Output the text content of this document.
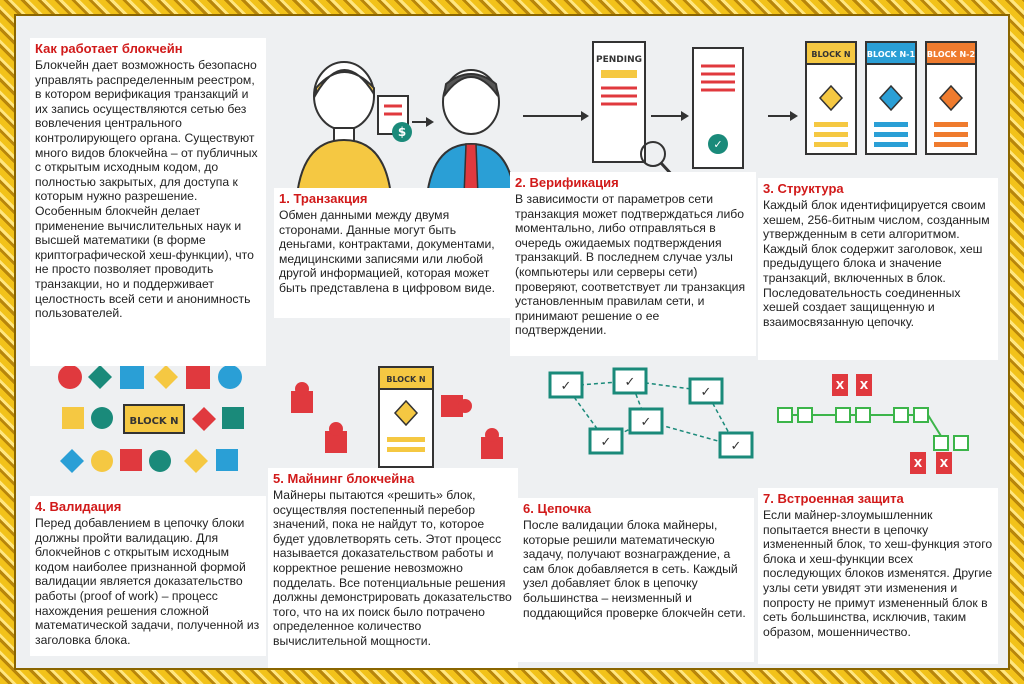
$
PENDING
✓
BLOCK N BLOCK N-1 BLOCK N-2
BLOCK N
BLOCK N	✓	✓
✓
✓
✓	✓
X X
X X
Как работает блокчейн

Блокчейн дает возможность безопасно управлять распределенным реестром, в котором верификация транзакций и их запись осуществляются сетью без вовлечения центрального контролирующего органа. Существуют много видов блокчейна – от публичных с открытым исходным кодом, до полностью закрытых, для доступа к которым нужно разрешение. Особенным блокчейн делает применение вычислительных наук и высшей математики (в форме криптографической хеш-функции), что не просто позволяет проводить транзакции, но и поддерживает целостность всей сети и анонимность пользователей.

1. Транзакция

Обмен данными между двумя сторонами. Данные могут быть деньгами, контрактами, документами, медицинскими записями или любой другой информацией, которая может быть представлена в цифровом виде.

2. Верификация

В зависимости от параметров сети транзакция может подтверждаться либо моментально, либо отправляться в очередь ожидаемых подтверждения транзакций. В последнем случае узлы (компьютеры или серверы сети) проверяют, соответствует ли транзакция установленным правилам сети, и принимают решение о ее подтверждении.

3. Структура

Каждый блок идентифицируется своим хешем, 256-битным числом, созданным утвержденным в сети алгоритмом. Каждый блок содержит заголовок, хеш предыдущего блока и значение транзакций, включенных в блок. Последовательность соединенных хешей создает защищенную и взаимосвязанную цепочку.

4. Валидация

Перед добавлением в цепочку блоки должны пройти валидацию. Для блокчейнов с открытым исходным кодом наиболее признанной формой валидации является доказательство работы (proof of work) – процесс нахождения решения сложной математической задачи, полученной из заголовка блока.

5. Майнинг блокчейна

Майнеры пытаются «решить» блок, осуществляя постепенный перебор значений, пока не найдут то, которое будет удовлетворять сеть. Этот процесс называется доказательством работы и корректное решение невозможно подделать. Все потенциальные решения должны демонстрировать доказательство того, что на их поиск было потрачено определенное количество вычислительной мощности.

6. Цепочка

После валидации блока майнеры, которые решили математическую задачу, получают вознаграждение, а сам блок добавляется в сеть. Каждый узел добавляет блок в цепочку большинства – неизменный и поддающийся проверке блокчейн сети.

7. Встроенная защита

Если майнер-злоумышленник попытается внести в цепочку измененный блок, то хеш-функция этого блока и хеш-функции всех последующих блоков изменятся. Другие узлы сети увидят эти изменения и попросту не примут измененный блок в сеть большинства, исключив, таким образом, мошенничество.
